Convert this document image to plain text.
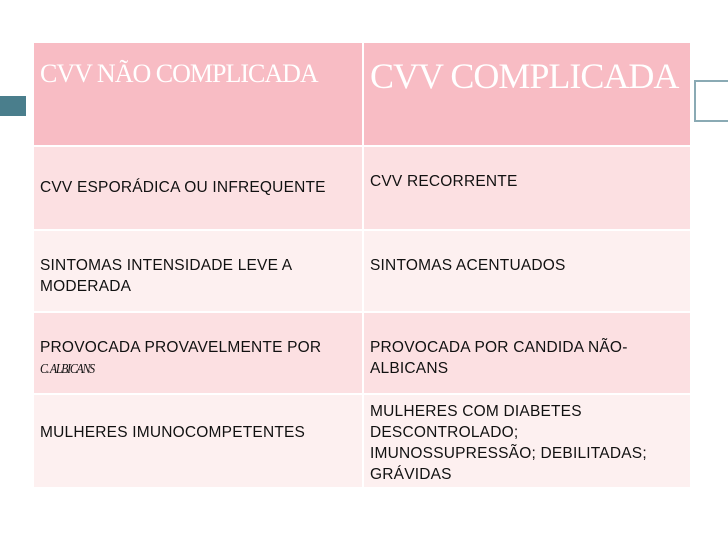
CVV NÃO COMPLICADA	CVV COMPLICADA

CVV ESPORÁDICA OU INFREQUENTE	CVV RECORRENTE
SINTOMAS INTENSIDADE LEVE A MODERADA	SINTOMAS ACENTUADOS
PROVOCADA PROVAVELMENTE POR C. ALBICANS	PROVOCADA POR CANDIDA NÃO-ALBICANS
MULHERES IMUNOCOMPETENTES	MULHERES COM DIABETES DESCONTROLADO; IMUNOSSUPRESSÃO; DEBILITADAS; GRÁVIDAS
